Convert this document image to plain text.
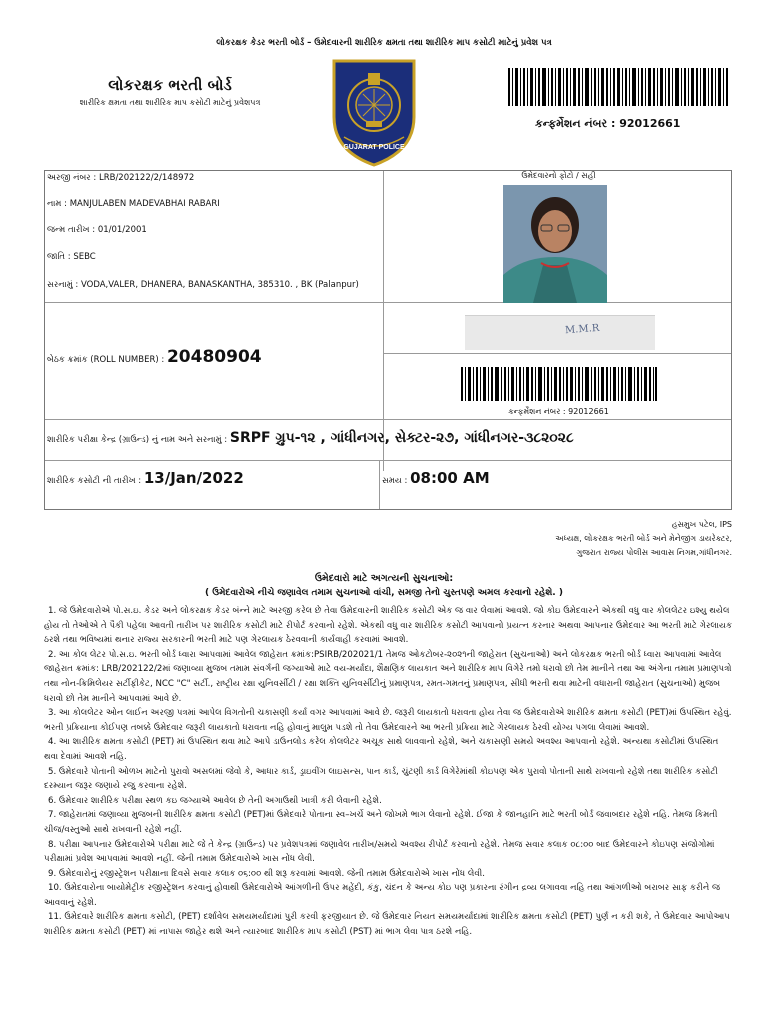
લોકરક્ષક કેડર ભરતી બોર્ડ – ઉમેદવારની શારીરિક ક્ષમતા તથા શારીરિક માપ કસોટી માટેનું પ્રવેશ પત્ર
લોકરક્ષક ભરતી બોર્ડ
શારીરિક ક્ષમતા તથા શારીરિક માપ કસોટી માટેનું પ્રવેશપત્ર
GUJARAT POLICE
કન્ફર્મેશન નંબર : 92012661
અરજી નંબર : LRB/202122/2/148972
નામ : MANJULABEN MADEVABHAI RABARI
જન્મ તારીખ : 01/01/2001
જાતિ : SEBC
સરનામું : VODA,VALER, DHANERA, BANASKANTHA, 385310. , BK (Palanpur)
ઉમેદવારનો ફોટો / સહી
M.M.R
બેઠક ક્રમાંક (ROLL NUMBER) : 20480904
કન્ફર્મેશન નંબર : 92012661
શારીરિક પરીક્ષા કેન્દ્ર (ગ્રાઉન્ડ) નું નામ અને સરનામું : SRPF ગ્રુપ-૧૨ , ગાંધીનગર, સેક્ટર-૨૭, ગાંધીનગર-૩૮૨૦૨૮
શારીરિક કસોટી ની તારીખ : 13/Jan/2022	સમય : 08:00 AM
હસમુખ પટેલ, IPS
અધ્યક્ષ, લોકરક્ષક ભરતી બોર્ડ અને મેનેજીંગ ડાયરેક્ટર,
ગુજરાત રાજ્ય પોલીસ આવાસ નિગમ,ગાંધીનગર.
ઉમેદવારો માટે અગત્યની સુચનાઓ:
( ઉમેદવારોએ નીચે જણાવેલ તમામ સુચનાઓ વાંચી, સમજી તેનો ચુસ્તપણે અમલ કરવાનો રહેશે. )

1. જે ઉમેદવારોએ પો.સ.ઇ. કેડર અને લોકરક્ષક કેડર બંન્ને માટે અરજી કરેલ છે તેવા ઉમેદવારની શારીરિક કસોટી એક જ વાર લેવામાં આવશે. જો કોઇ ઉમેદવારને એકથી વધુ વાર કોલલેટર ઇશ્યુ થયેલ હોય તો તેઓએ તે પૈકી પહેલા આવતી તારીખ પર શારીરિક કસોટી માટે રીપોર્ટ કરવાનો રહેશે. એકથી વધુ વાર શારીરિક કસોટી આપવાનો પ્રયત્ન કરનાર અથવા આપનાર ઉમેદવાર આ ભરતી માટે ગેરલાયક ઠરશે તથા ભવિષ્યમાં થનાર રાજ્ય સરકારની ભરતી માટે પણ ગેરલાયક ઠેરવવાની કાર્યવાહી કરવામાં આવશે.

2. આ કોલ લેટર પો.સ.ઇ. ભરતી બોર્ડ ધ્વારા આપવામાં આવેલ જાહેરાત ક્રમાંક:PSIRB/202021/1 તેમજ ઓકટોબર-૨૦૨૧ની જાહેરાત (સુચનાઓ) અને લોકરક્ષક ભરતી બોર્ડ ધ્વારા આપવામાં આવેલ જાહેરાત ક્રમાંક: LRB/202122/2માં જણાવ્યા મુજબ તમામ સંવર્ગની જગ્યાઓ માટે વય-મર્યાદા, શૈક્ષણિક લાયકાત અને શારીરિક માપ વિગેરે તમો ધરાવો છો તેમ માનીને તથા આ અંગેના તમામ પ્રમાણપત્રો તથા નોન-ક્રિમિલેયર સર્ટીફીકેટ, NCC "C" સર્ટી., રાષ્ટ્રીય રક્ષા યુનિવર્સીટી / રક્ષા શક્તિ યુનિવર્સીટીનું પ્રમાણપત્ર, રમત-ગમતનું પ્રમાણપત્ર, સીધી ભરતી થવા માટેની વધારાની જાહેરાત (સુચનાઓ) મુજબ ધરાવો છો તેમ માનીને આપવામાં આવે છે.

3. આ કોલલેટર ઓન લાઈન અરજી પત્રમાં આપેલ વિગતોની ચકાસણી કર્યા વગર આપવામાં આવે છે. જરૂરી લાયકાતો ધરાવતા હોય તેવા જ ઉમેદવારોએ શારીરિક ક્ષમતા કસોટી (PET)માં ઉપસ્થિત રહેવું. ભરતી પ્રક્રિયાના કોઈપણ તબક્કે ઉમેદવાર જરૂરી લાયકાતો ધરાવતા નહિ હોવાનું માલુમ પડશે તો તેવા ઉમેદવારને આ ભરતી પ્રક્રિયા માટે ગેરલાયક ઠેરવી યોગ્ય પગલા લેવામાં આવશે.

4. આ શારીરિક ક્ષમતા કસોટી (PET) માં ઉપસ્થિત થવા માટે આપે ડાઉનલોડ કરેલ કોલલેટર અચૂક સાથે લાવવાનો રહેશે, અને ચકાસણી સમયે અવશ્ય આપવાનો રહેશે. અન્યથા કસોટીમાં ઉપસ્થિત થવા દેવામાં આવશે નહિ.

5. ઉમેદવારે પોતાની ઓળખ માટેનો પુરાવો અસલમાં જેવો કે, આધાર કાર્ડ, ડ્રાઇવીંગ લાઇસન્સ, પાન કાર્ડ, ચુંટણી કાર્ડ વિગેરેમાંથી કોઇપણ એક પુરાવો પોતાની સાથે રાખવાનો રહેશે તથા શારીરિક કસોટી દરમ્યાન જરૂર જણાયે રજુ કરવાના રહેશે.

6. ઉમેદવાર શારીરિક પરીક્ષા સ્થળ કઇ જગ્યાએ આવેલ છે તેની અગાઉથી ખાત્રી કરી લેવાની રહેશે.

7. જાહેરાતમાં જણાવ્યા મુજબની શારીરિક ક્ષમતા કસોટી (PET)માં ઉમેદવારે પોતાના સ્વ–ખર્ચે અને જોખમે ભાગ લેવાનો રહેશે. ઈજા કે જાનહાનિ માટે ભરતી બોર્ડ જવાબદાર રહેશે નહિ. તેમજ કિમતી ચીજ/વસ્તુઓ સાથે રાખવાની રહેશે નહીં.

8. પરીક્ષા આપનાર ઉમેદવારોએ પરીક્ષા માટે જે તે કેન્દ્ર (ગ્રાઉન્ડ) પર પ્રવેશપત્રમાં જણાવેલ તારીખ/સમયે અવશ્ય રીપોર્ટ કરવાનો રહેશે. તેમજ સવાર કલાક ૦૮:૦૦ બાદ ઉમેદવારને કોઇપણ સંજોગોમાં પરીક્ષામાં પ્રવેશ આપવામાં આવશે નહીં. જેની તમામ ઉમેદવારોએ ખાસ નોંધ લેવી.

9. ઉમેદવારોનું રજીસ્ટ્રેશન પરીક્ષાના દિવસે સવાર કલાક ૦૬:૦૦ થી શરૂ કરવામાં આવશે. જેની તમામ ઉમેદવારોએ ખાસ નોંધ લેવી.

10. ઉમેદવારોના બાયોમેટ્રીક રજીસ્ટ્રેશન કરવાનું હોવાથી ઉમેદવારોએ આંગળીની ઉપર મહેંદી, કંકુ, ચંદન કે અન્ય કોઇ પણ પ્રકારના રંગીન દ્રવ્ય લગાવવા નહિ તથા આંગળીઓ બરાબર સાફ કરીને જ આવવાનું રહેશે.

11. ઉમેદવારે શારીરિક ક્ષમતા કસોટી, (PET) દર્શાવેલ સમયમર્યાદામાં પુરી કરવી ફરજીયાત છે. જે ઉમેદવાર નિયત સમયમર્યાદામાં શારીરિક ક્ષમતા કસોટી (PET) પુર્ણ ન કરી શકે, તે ઉમેદવાર આપોઆપ શારીરિક ક્ષમતા કસોટી (PET) માં નાપાસ જાહેર થશે અને ત્યારબાદ શારીરિક માપ કસોટી (PST) માં ભાગ લેવા પાત્ર ઠરશે નહિ.
